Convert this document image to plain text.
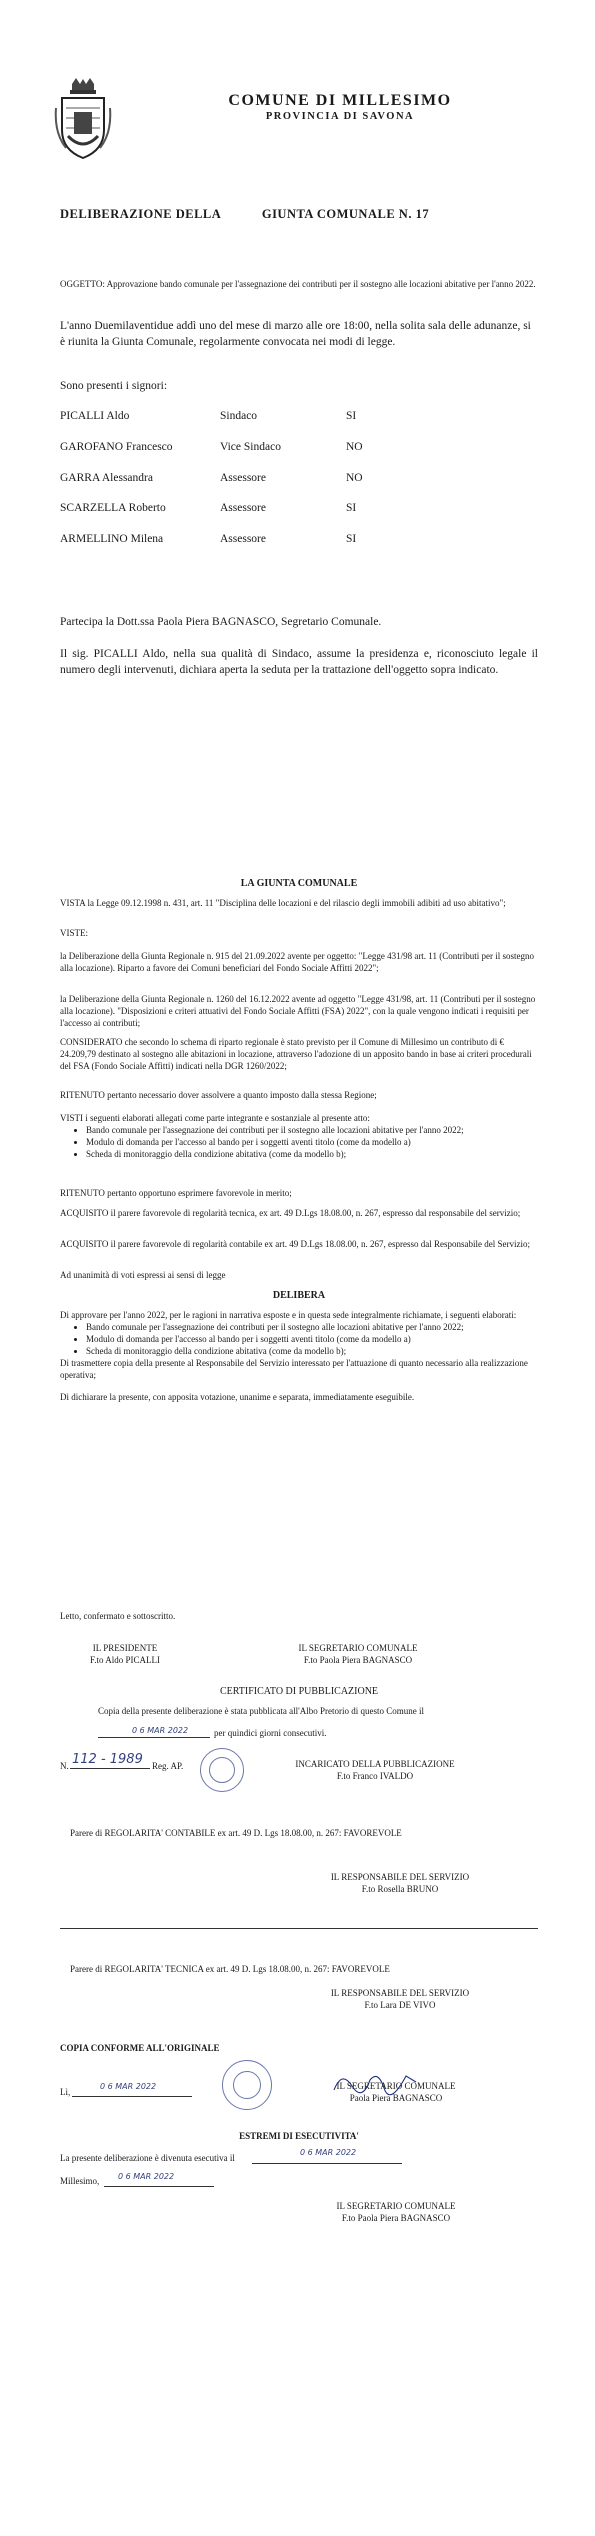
COMUNE DI MILLESIMO
PROVINCIA DI SAVONA
DELIBERAZIONE DELLA	GIUNTA COMUNALE N. 17
OGGETTO: Approvazione bando comunale per l'assegnazione dei contributi per il sostegno alle locazioni abitative per l'anno 2022.
L'anno Duemilaventidue addì uno del mese di marzo alle ore 18:00, nella solita sala delle adunanze, si è riunita la Giunta Comunale, regolarmente convocata nei modi di legge.
Sono presenti i signori:
PICALLI Aldo	Sindaco	SI
GAROFANO Francesco	Vice Sindaco	NO
GARRA Alessandra	Assessore	NO
SCARZELLA Roberto	Assessore	SI
ARMELLINO Milena	Assessore	SI
Partecipa la Dott.ssa Paola Piera BAGNASCO, Segretario Comunale.
Il sig. PICALLI Aldo, nella sua qualità di Sindaco, assume la presidenza e, riconosciuto legale il numero degli intervenuti, dichiara aperta la seduta per la trattazione dell'oggetto sopra indicato.
LA GIUNTA COMUNALE
VISTA la Legge 09.12.1998 n. 431, art. 11 "Disciplina delle locazioni e del rilascio degli immobili adibiti ad uso abitativo";
VISTE:
la Deliberazione della Giunta Regionale n. 915 del 21.09.2022 avente per oggetto: "Legge 431/98 art. 11 (Contributi per il sostegno alla locazione). Riparto a favore dei Comuni beneficiari del Fondo Sociale Affitti 2022";
la Deliberazione della Giunta Regionale n. 1260 del 16.12.2022 avente ad oggetto "Legge 431/98, art. 11 (Contributi per il sostegno alla locazione). "Disposizioni e criteri attuativi del Fondo Sociale Affitti (FSA) 2022", con la quale vengono indicati i requisiti per l'accesso ai contributi;
CONSIDERATO che secondo lo schema di riparto regionale è stato previsto per il Comune di Millesimo un contributo di € 24.209,79 destinato al sostegno alle abitazioni in locazione, attraverso l'adozione di un apposito bando in base ai criteri procedurali del FSA (Fondo Sociale Affitti) indicati nella DGR 1260/2022;
RITENUTO pertanto necessario dover assolvere a quanto imposto dalla stessa Regione;

VISTI i seguenti elaborati allegati come parte integrante e sostanziale al presente atto:

• Bando comunale per l'assegnazione dei contributi per il sostegno alle locazioni abitative per l'anno 2022;
• Modulo di domanda per l'accesso al bando per i soggetti aventi titolo (come da modello a)
• Scheda di monitoraggio della condizione abitativa (come da modello b);
RITENUTO pertanto opportuno esprimere favorevole in merito;
ACQUISITO il parere favorevole di regolarità tecnica, ex art. 49 D.Lgs 18.08.00, n. 267, espresso dal responsabile del servizio;
ACQUISITO il parere favorevole di regolarità contabile ex art. 49 D.Lgs 18.08.00, n. 267, espresso dal Responsabile del Servizio;
Ad unanimità di voti espressi ai sensi di legge
DELIBERA

Di approvare per l'anno 2022, per le ragioni in narrativa esposte e in questa sede integralmente richiamate, i seguenti elaborati:

• Bando comunale per l'assegnazione dei contributi per il sostegno alle locazioni abitative per l'anno 2022;
• Modulo di domanda per l'accesso al bando per i soggetti aventi titolo (come da modello a)
• Scheda di monitoraggio della condizione abitativa (come da modello b);

Di trasmettere copia della presente al Responsabile del Servizio interessato per l'attuazione di quanto necessario alla realizzazione operativa;

Di dichiarare la presente, con apposita votazione, unanime e separata, immediatamente eseguibile.

Letto, confermato e sottoscritto.
IL PRESIDENTE
F.to Aldo PICALLI
IL SEGRETARIO COMUNALE
F.to Paola Piera BAGNASCO
CERTIFICATO DI PUBBLICAZIONE
Copia della presente deliberazione è stata pubblicata all'Albo Pretorio di questo Comune il
0 6 MAR 2022	per quindici giorni consecutivi.
N. 112 - 1989 Reg. AP.	INCARICATO DELLA PUBBLICAZIONE
F.to Franco IVALDO
Parere di REGOLARITA' CONTABILE ex art. 49 D. Lgs 18.08.00, n. 267: FAVOREVOLE
IL RESPONSABILE DEL SERVIZIO
F.to Rosella BRUNO
Parere di REGOLARITA' TECNICA ex art. 49 D. Lgs 18.08.00, n. 267: FAVOREVOLE
IL RESPONSABILE DEL SERVIZIO
F.to Lara DE VIVO
COPIA CONFORME ALL'ORIGINALE
Lì,
0 6 MAR 2022	IL SEGRETARIO COMUNALE
Paola Piera BAGNASCO
ESTREMI DI ESECUTIVITA'
La presente deliberazione è divenuta esecutiva il
0 6 MAR 2022
Millesimo, 0 6 MAR 2022
IL SEGRETARIO COMUNALE
F.to Paola Piera BAGNASCO
